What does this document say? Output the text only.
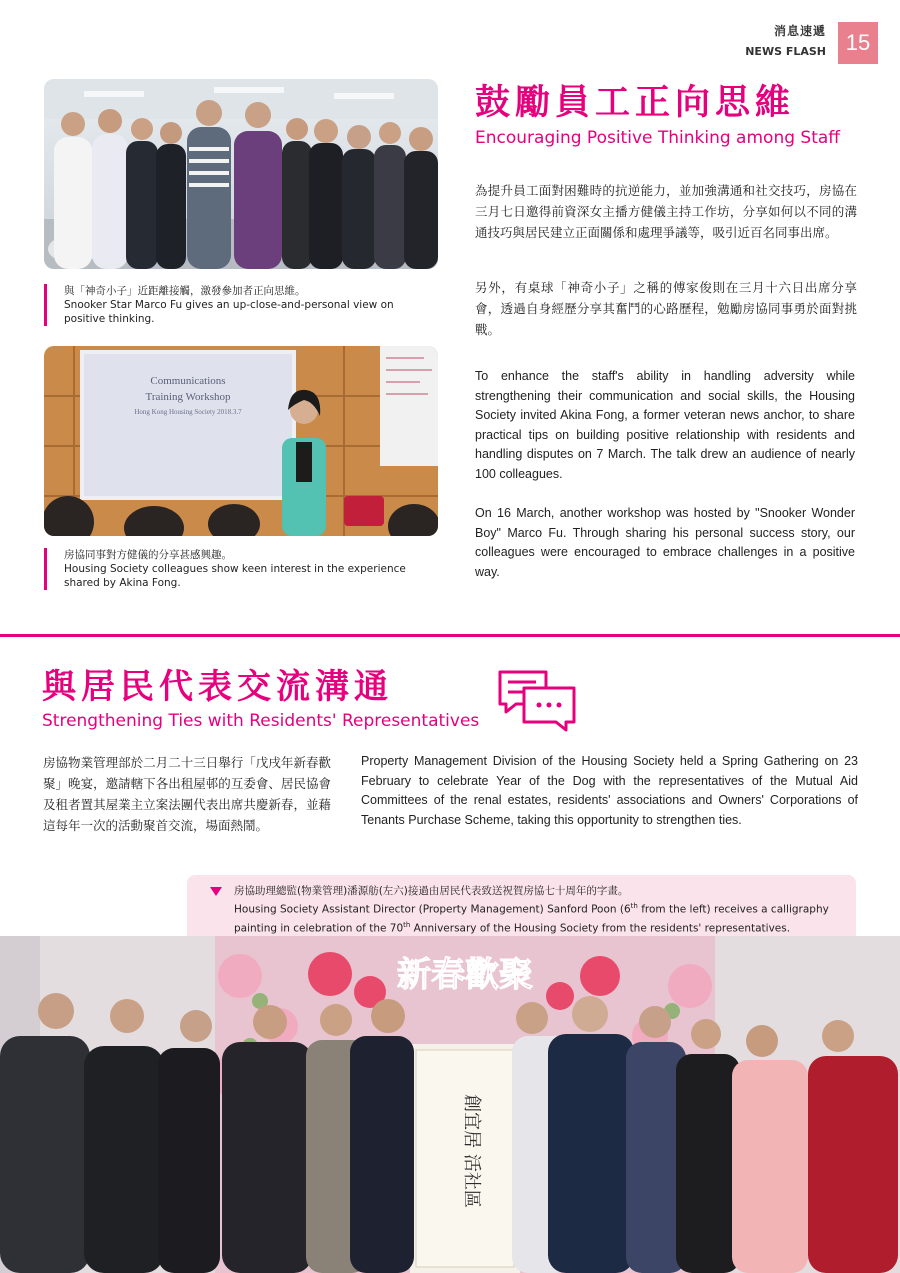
消息速遞
NEWS FLASH 15
與「神奇小子」近距離接觸，激發參加者正向思維。
Snooker Star Marco Fu gives an up-close-and-personal view on positive thinking.
Communications
Training Workshop
Hong Kong Housing Society 2018.3.7
房協同事對方健儀的分享甚感興趣。
Housing Society colleagues show keen interest in the experience shared by Akina Fong.
鼓勵員工正向思維
Encouraging Positive Thinking among Staff
為提升員工面對困難時的抗逆能力，並加強溝通和社交技巧，房協在三月七日邀得前資深女主播方健儀主持工作坊，分享如何以不同的溝通技巧與居民建立正面關係和處理爭議等，吸引近百名同事出席。
另外，有桌球「神奇小子」之稱的傅家俊則在三月十六日出席分享會，透過自身經歷分享其奮鬥的心路歷程，勉勵房協同事勇於面對挑戰。
To enhance the staff's ability in handling adversity while strengthening their communication and social skills, the Housing Society invited Akina Fong, a former veteran news anchor, to share practical tips on building positive relationship with residents and handling disputes on 7 March. The talk drew an audience of nearly 100 colleagues.
On 16 March, another workshop was hosted by "Snooker Wonder Boy" Marco Fu. Through sharing his personal success story, our colleagues were encouraged to embrace challenges in a positive way.
與居民代表交流溝通
Strengthening Ties with Residents' Representatives
房協物業管理部於二月二十三日舉行「戊戌年新春歡聚」晚宴，邀請轄下各出租屋邨的互委會、居民協會及租者置其屋業主立案法團代表出席共慶新春，並藉這每年一次的活動聚首交流，場面熱鬧。
Property Management Division of the Housing Society held a Spring Gathering on 23 February to celebrate Year of the Dog with the representatives of the Mutual Aid Committees of the renal estates, residents' associations and Owners' Corporations of Tenants Purchase Scheme, taking this opportunity to strengthen ties.
房協助理總監(物業管理)潘源舫(左六)接過由居民代表致送祝賀房協七十周年的字畫。
Housing Society Assistant Director (Property Management) Sanford Poon (6th from the left) receives a calligraphy painting in celebration of the 70th Anniversary of the Housing Society from the residents' representatives.
新春歡聚
創宜居 活社區
